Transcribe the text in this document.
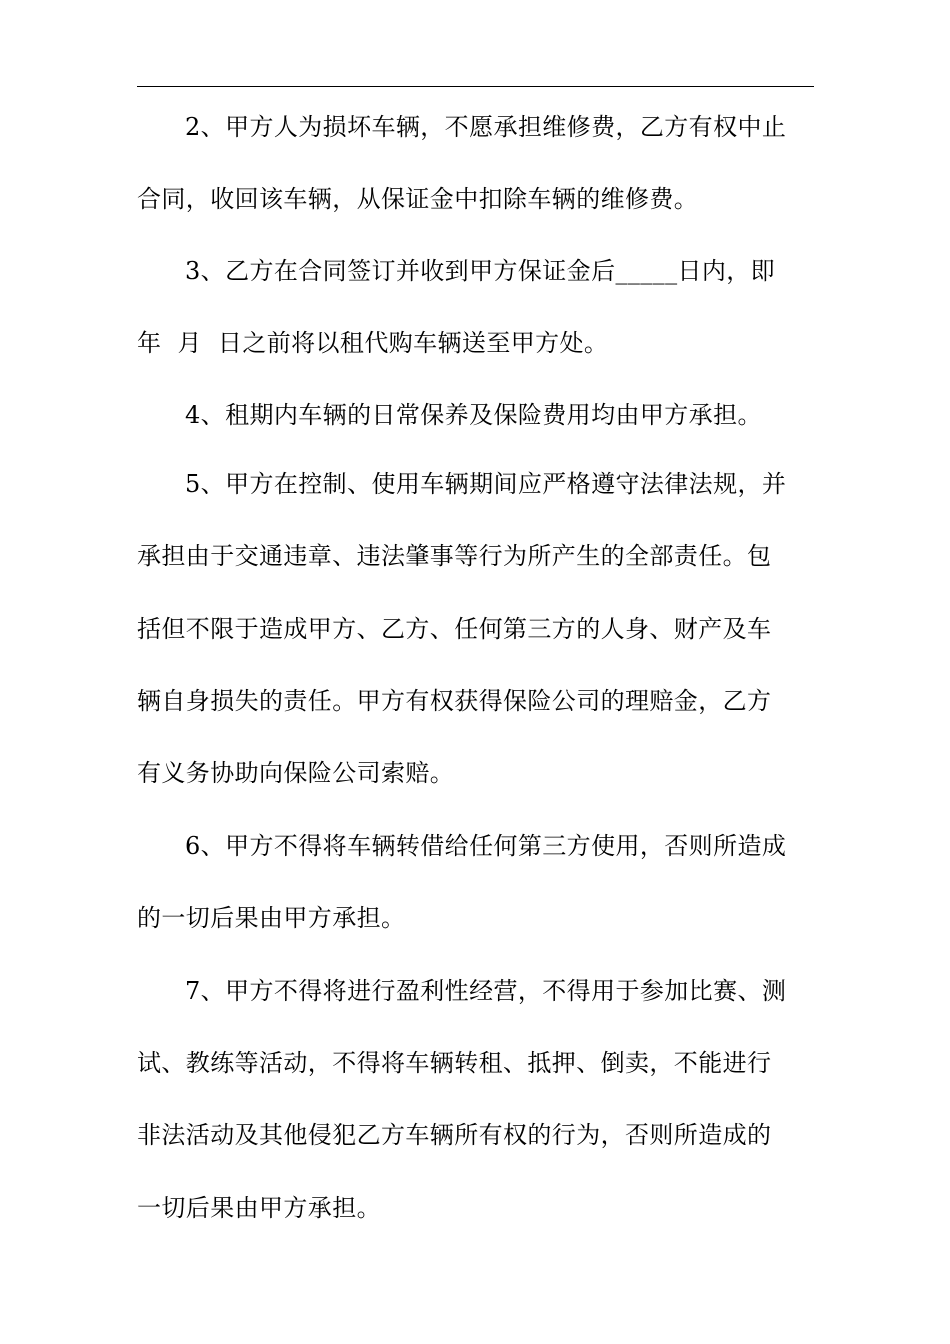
2、甲方人为损坏车辆，不愿承担维修费，乙方有权中止
合同，收回该车辆，从保证金中扣除车辆的维修费。
3、乙方在合同签订并收到甲方保证金后_____日内，即
年  月  日之前将以租代购车辆送至甲方处。
4、租期内车辆的日常保养及保险费用均由甲方承担。
5、甲方在控制、使用车辆期间应严格遵守法律法规，并
承担由于交通违章、违法肇事等行为所产生的全部责任。包
括但不限于造成甲方、乙方、任何第三方的人身、财产及车
辆自身损失的责任。甲方有权获得保险公司的理赔金，乙方
有义务协助向保险公司索赔。
6、甲方不得将车辆转借给任何第三方使用，否则所造成
的一切后果由甲方承担。
7、甲方不得将进行盈利性经营，不得用于参加比赛、测
试、教练等活动，不得将车辆转租、抵押、倒卖，不能进行
非法活动及其他侵犯乙方车辆所有权的行为，否则所造成的
一切后果由甲方承担。
